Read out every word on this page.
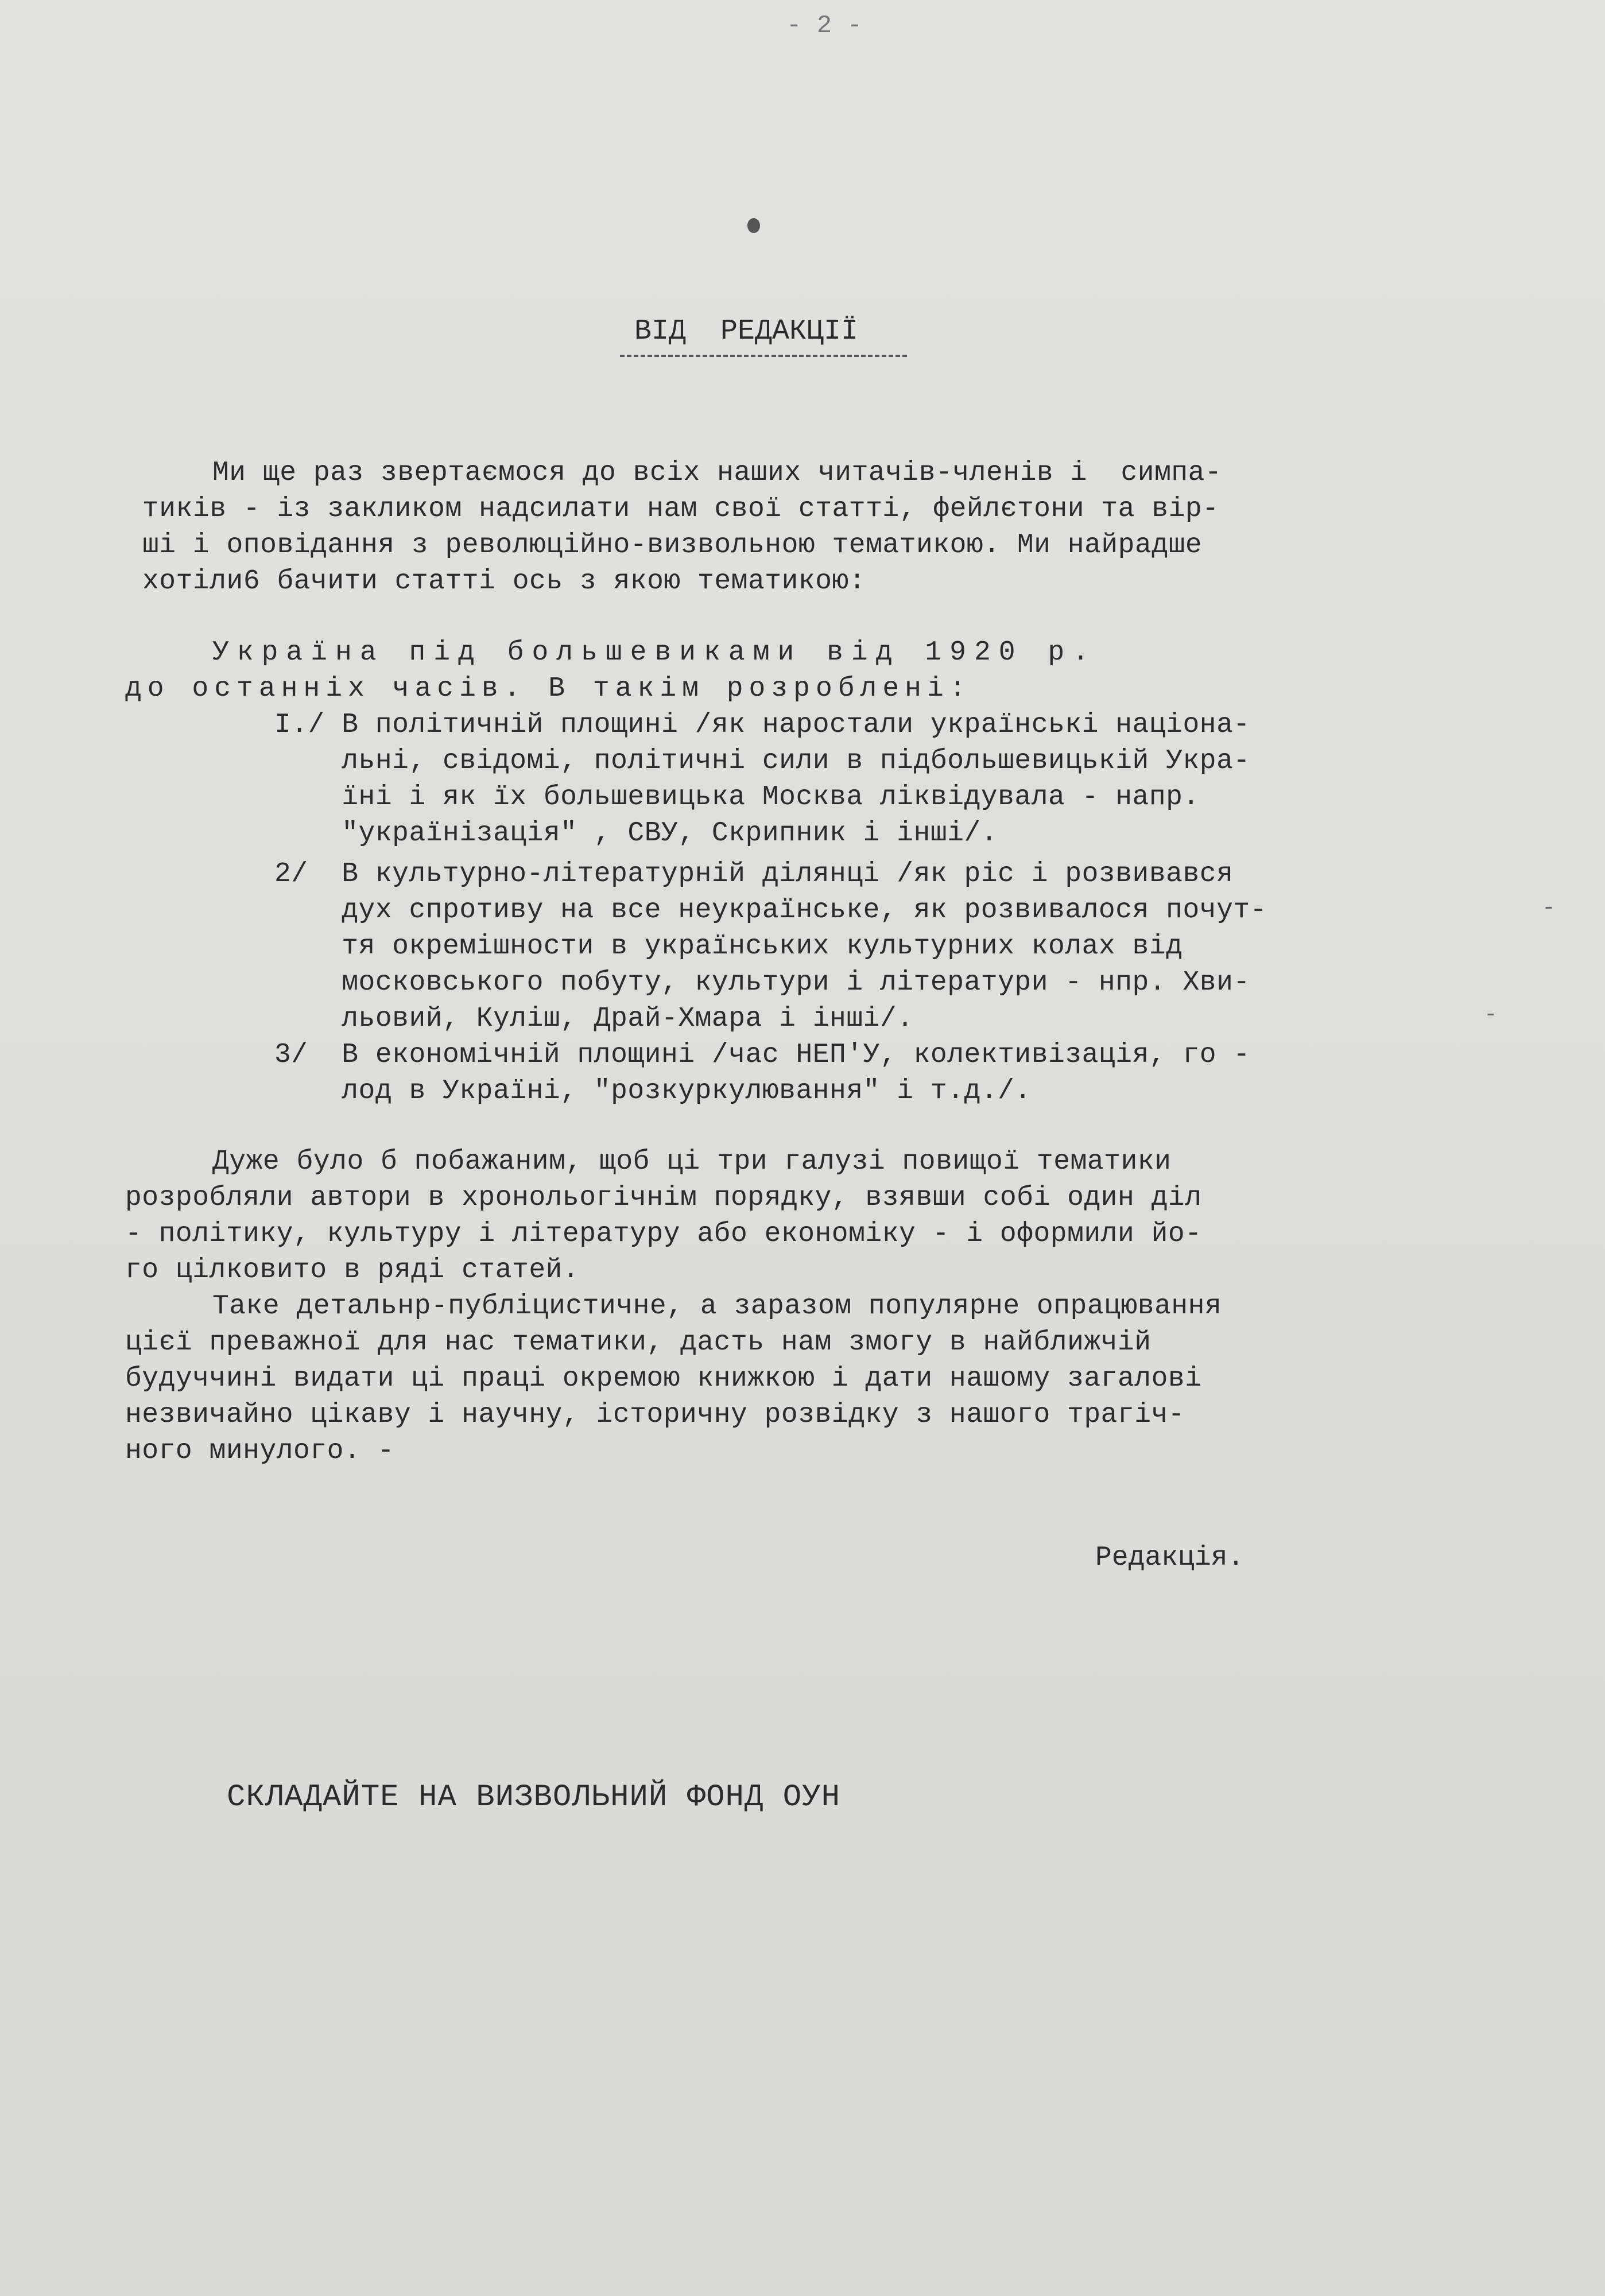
- 2 -
ВІД  РЕДАКЦІЇ
Ми ще раз звертаємося до всіх наших читачів-членів і  симпа-
тиків - із закликом надсилати нам свої статті, фейлєтони та вір-
ші і оповідання з революційно-визвольною тематикою. Ми найрадше
хотіли6 бачити статті ось з якою тематикою:
Україна під большевиками від 1920 р.
до останніх часів. В такім розроблені:
I./ В політичній площині /як наростали українські націона-
льні, свідомі, політичні сили в підбольшевицькій Укра-
їні і як їх большевицька Москва ліквідувала - напр.
"українізація" , СВУ, Скрипник і інші/.
2/  В культурно-літературній ділянці /як ріс і розвивався
дух спротиву на все неукраїнське, як розвивалося почут-
тя окремішности в українських культурних колах від
московського побуту, культури і літератури - нпр. Хви-
льовий, Куліш, Драй-Хмара і інші/.
3/  В економічній площині /час НЕП'У, колективізація, го -
лод в Україні, "розкуркулювання" і т.д./.
Дуже було б побажаним, щоб ці три галузі повищої тематики
розробляли автори в хронольогічнім порядку, взявши собі один діл
- політику, культуру і літературу або економіку - і оформили йо-
го цілковито в ряді статей.
Таке детальнр-публіцистичне, а заразом популярне опрацювання
цієї преважної для нас тематики, дасть нам змогу в найближчій
будуччині видати ці праці окремою книжкою і дати нашому загалові
незвичайно цікаву і научну, історичну розвідку з нашого трагіч-
ного минулого. -
Редакція.
СКЛАДАЙТЕ НА ВИЗВОЛЬНИЙ ФОНД ОУН
-
-
